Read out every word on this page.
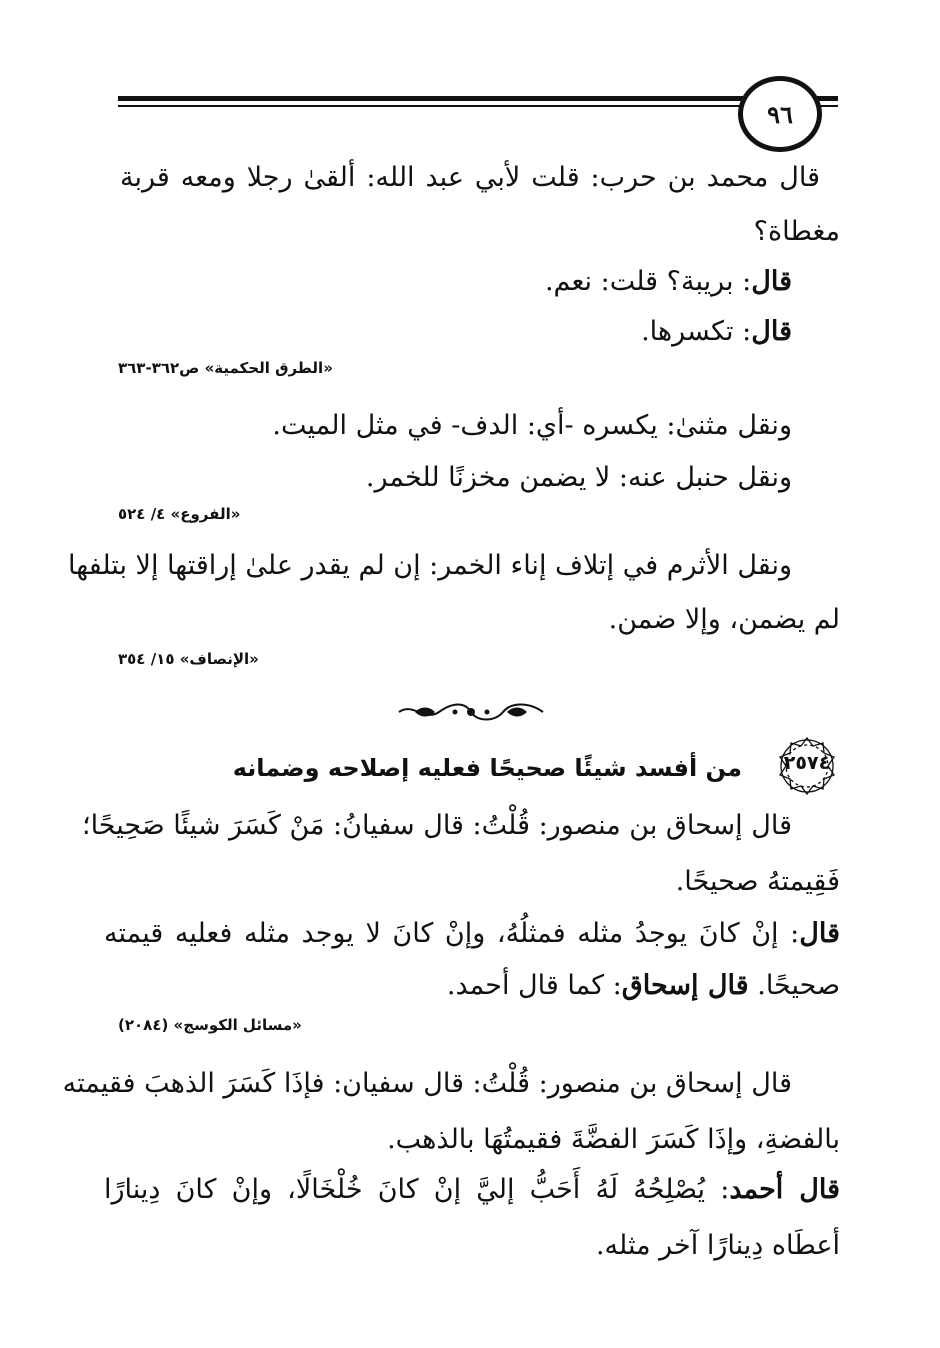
٩٦
قال محمد بن حرب: قلت لأبي عبد الله: ألقىٰ رجلا ومعه قربة
مغطاة؟
قال: بريبة؟ قلت: نعم.
قال: تكسرها.
«الطرق الحكمية» ص٣٦٢-٣٦٣
ونقل مثنىٰ: يكسره -أي: الدف- في مثل الميت.
ونقل حنبل عنه: لا يضمن مخزنًا للخمر.
«الفروع» ٤/ ٥٢٤
ونقل الأثرم في إتلاف إناء الخمر: إن لم يقدر علىٰ إراقتها إلا بتلفها
لم يضمن، وإلا ضمن.
«الإنصاف» ١٥/ ٣٥٤
٢٥٧٤
من أفسد شيئًا صحيحًا فعليه إصلاحه وضمانه
قال إسحاق بن منصور: قُلْتُ: قال سفيانُ: مَنْ كَسَرَ شيئًا صَحِيحًا؛
فَقِيمتهُ صحيحًا.
قال: إنْ كانَ يوجدُ مثله فمثلُهُ، وإنْ كانَ لا يوجد مثله فعليه قيمته
صحيحًا. قال إسحاق: كما قال أحمد.
«مسائل الكوسج» (٢٠٨٤)
قال إسحاق بن منصور: قُلْتُ: قال سفيان: فإذَا كَسَرَ الذهبَ فقيمته
بالفضةِ، وإذَا كَسَرَ الفضَّةَ فقيمتُهَا بالذهب.
قال أحمد: يُصْلِحُهُ لَهُ أَحَبُّ إليَّ إنْ كانَ خُلْخَالًا، وإنْ كانَ دِينارًا
أعطَاه دِينارًا آخر مثله.
